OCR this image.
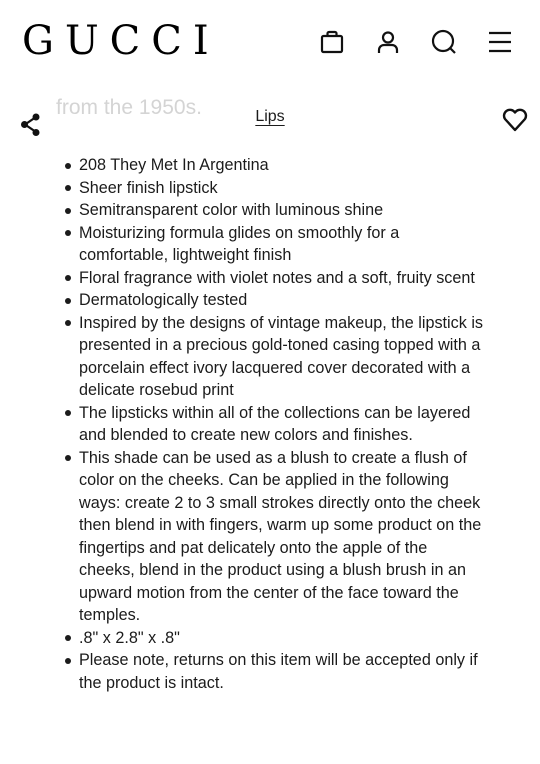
from the 1950s.
GUCCI
Lips
208 They Met In Argentina
Sheer finish lipstick
Semitransparent color with luminous shine
Moisturizing formula glides on smoothly for a comfortable, lightweight finish
Floral fragrance with violet notes and a soft, fruity scent
Dermatologically tested
Inspired by the designs of vintage makeup, the lipstick is presented in a precious gold-toned casing topped with a porcelain effect ivory lacquered cover decorated with a delicate rosebud print
The lipsticks within all of the collections can be layered and blended to create new colors and finishes.
This shade can be used as a blush to create a flush of color on the cheeks. Can be applied in the following ways: create 2 to 3 small strokes directly onto the cheek then blend in with fingers, warm up some product on the fingertips and pat delicately onto the apple of the cheeks, blend in the product using a blush brush in an upward motion from the center of the face toward the temples.
.8" x 2.8" x .8"
Please note, returns on this item will be accepted only if the product is intact.
